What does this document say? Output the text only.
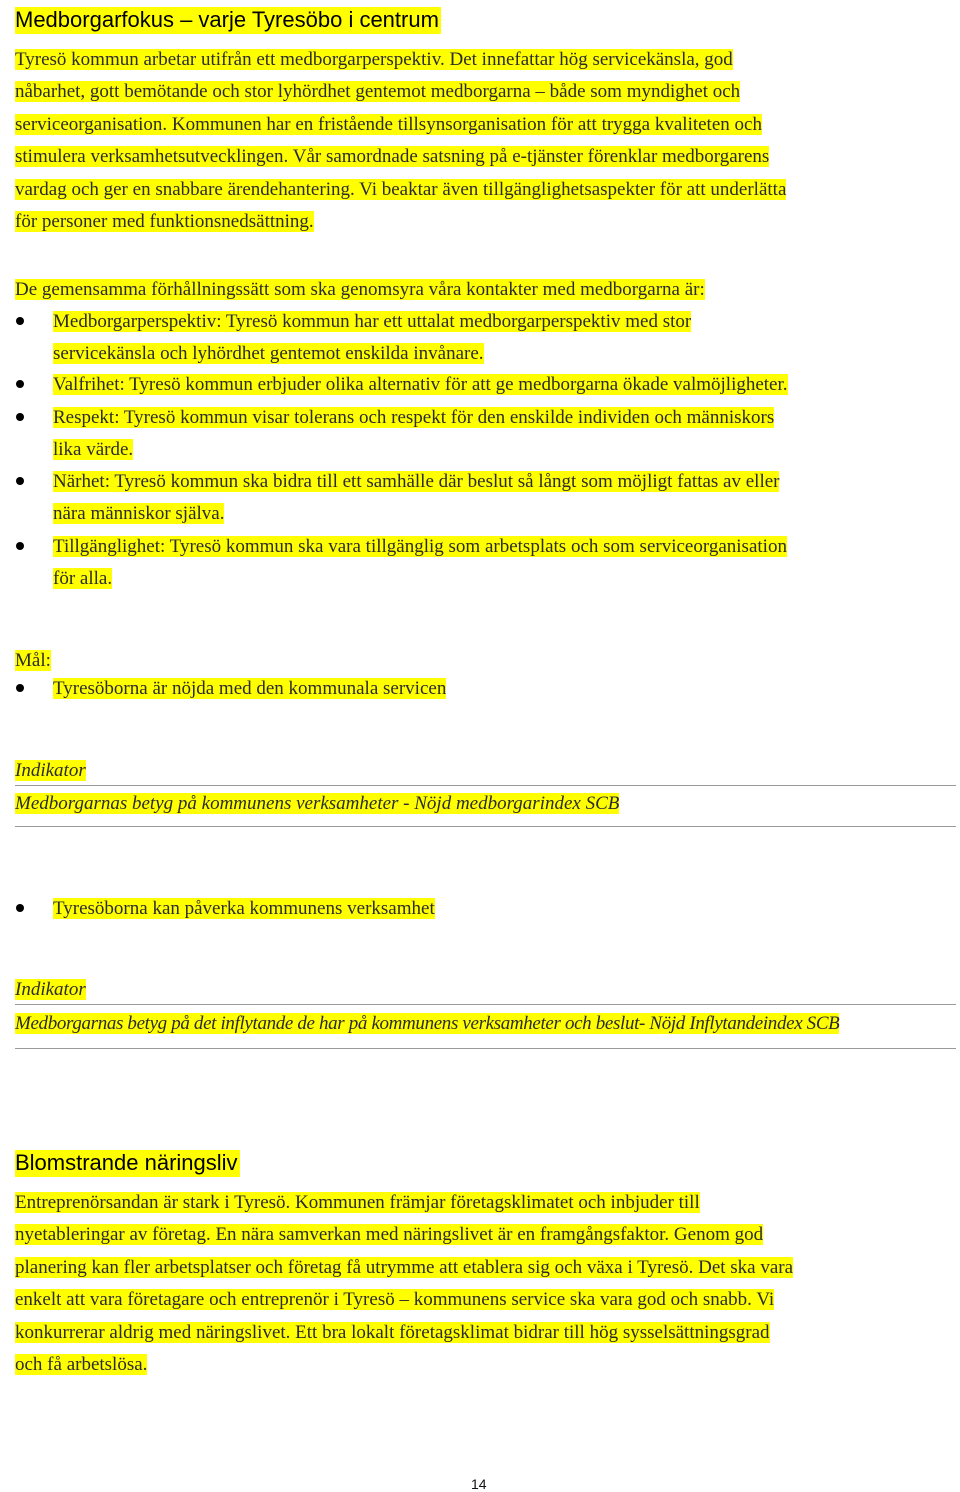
Medborgarfokus – varje Tyresöbo i centrum
Tyresö kommun arbetar utifrån ett medborgarperspektiv. Det innefattar hög servicekänsla, god
nåbarhet, gott bemötande och stor lyhördhet gentemot medborgarna – både som myndighet och
serviceorganisation. Kommunen har en fristående tillsynsorganisation för att trygga kvaliteten och
stimulera verksamhetsutvecklingen. Vår samordnade satsning på e-tjänster förenklar medborgarens
vardag och ger en snabbare ärendehantering. Vi beaktar även tillgänglighetsaspekter för att underlätta
för personer med funktionsnedsättning.
De gemensamma förhållningssätt som ska genomsyra våra kontakter med medborgarna är:
Medborgarperspektiv: Tyresö kommun har ett uttalat medborgarperspektiv med stor
servicekänsla och lyhördhet gentemot enskilda invånare.
Valfrihet: Tyresö kommun erbjuder olika alternativ för att ge medborgarna ökade valmöjligheter.
Respekt: Tyresö kommun visar tolerans och respekt för den enskilde individen och människors
lika värde.
Närhet: Tyresö kommun ska bidra till ett samhälle där beslut så långt som möjligt fattas av eller
nära människor själva.
Tillgänglighet: Tyresö kommun ska vara tillgänglig som arbetsplats och som serviceorganisation
för alla.
Mål:
Tyresöborna är nöjda med den kommunala servicen
Indikator
Medborgarnas betyg på kommunens verksamheter - Nöjd medborgarindex SCB
Tyresöborna kan påverka kommunens verksamhet
Indikator
Medborgarnas betyg på det inflytande de har på kommunens verksamheter och beslut- Nöjd Inflytandeindex SCB
Blomstrande näringsliv
Entreprenörsandan är stark i Tyresö. Kommunen främjar företagsklimatet och inbjuder till
nyetableringar av företag. En nära samverkan med näringslivet är en framgångsfaktor. Genom god
planering kan fler arbetsplatser och företag få utrymme att etablera sig och växa i Tyresö. Det ska vara
enkelt att vara företagare och entreprenör i Tyresö – kommunens service ska vara god och snabb. Vi
konkurrerar aldrig med näringslivet. Ett bra lokalt företagsklimat bidrar till hög sysselsättningsgrad
och få arbetslösa.
14
